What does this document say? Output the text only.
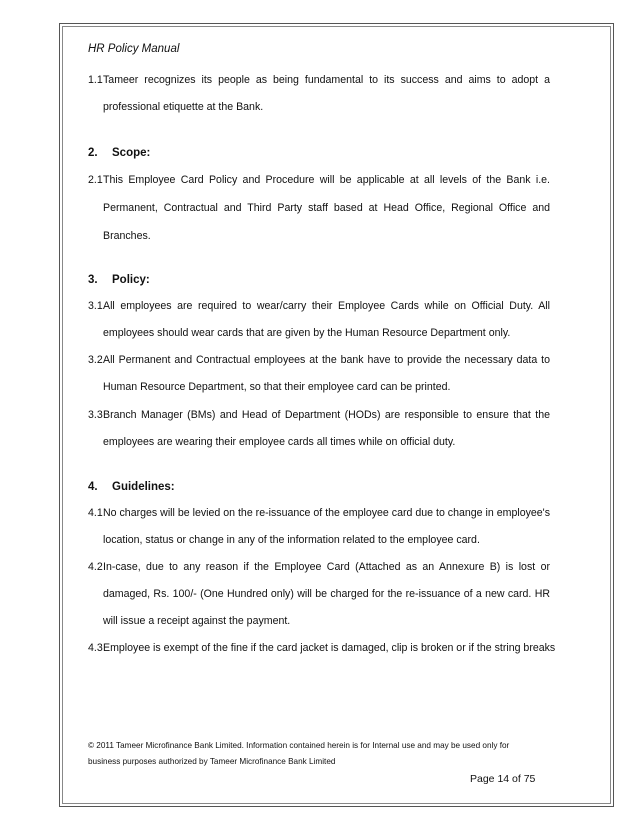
HR Policy Manual
1.1 Tameer recognizes its people as being fundamental to its success and aims to adopt a
professional etiquette at the Bank.
2. Scope:
2.1 This Employee Card Policy and Procedure will be applicable at all levels of the Bank i.e.
Permanent, Contractual and Third Party staff based at Head Office, Regional Office and
Branches.
3. Policy:
3.1 All employees are required to wear/carry their Employee Cards while on Official Duty. All
employees should wear cards that are given by the Human Resource Department only.
3.2 All Permanent and Contractual employees at the bank have to provide the necessary data to
Human Resource Department, so that their employee card can be printed.
3.3 Branch Manager (BMs) and Head of Department (HODs) are responsible to ensure that the
employees are wearing their employee cards all times while on official duty.
4. Guidelines:
4.1 No charges will be levied on the re-issuance of the employee card due to change in employee's
location, status or change in any of the information related to the employee card.
4.2 In-case, due to any reason if the Employee Card (Attached as an Annexure B) is lost or
damaged, Rs. 100/- (One Hundred only) will be charged for the re-issuance of a new card. HR
will issue a receipt against the payment.
4.3 Employee is exempt of the fine if the card jacket is damaged, clip is broken or if the string breaks
© 2011 Tameer Microfinance Bank Limited. Information contained herein is for Internal use and may be used only for
business purposes authorized by Tameer Microfinance Bank Limited
Page 14 of 75
